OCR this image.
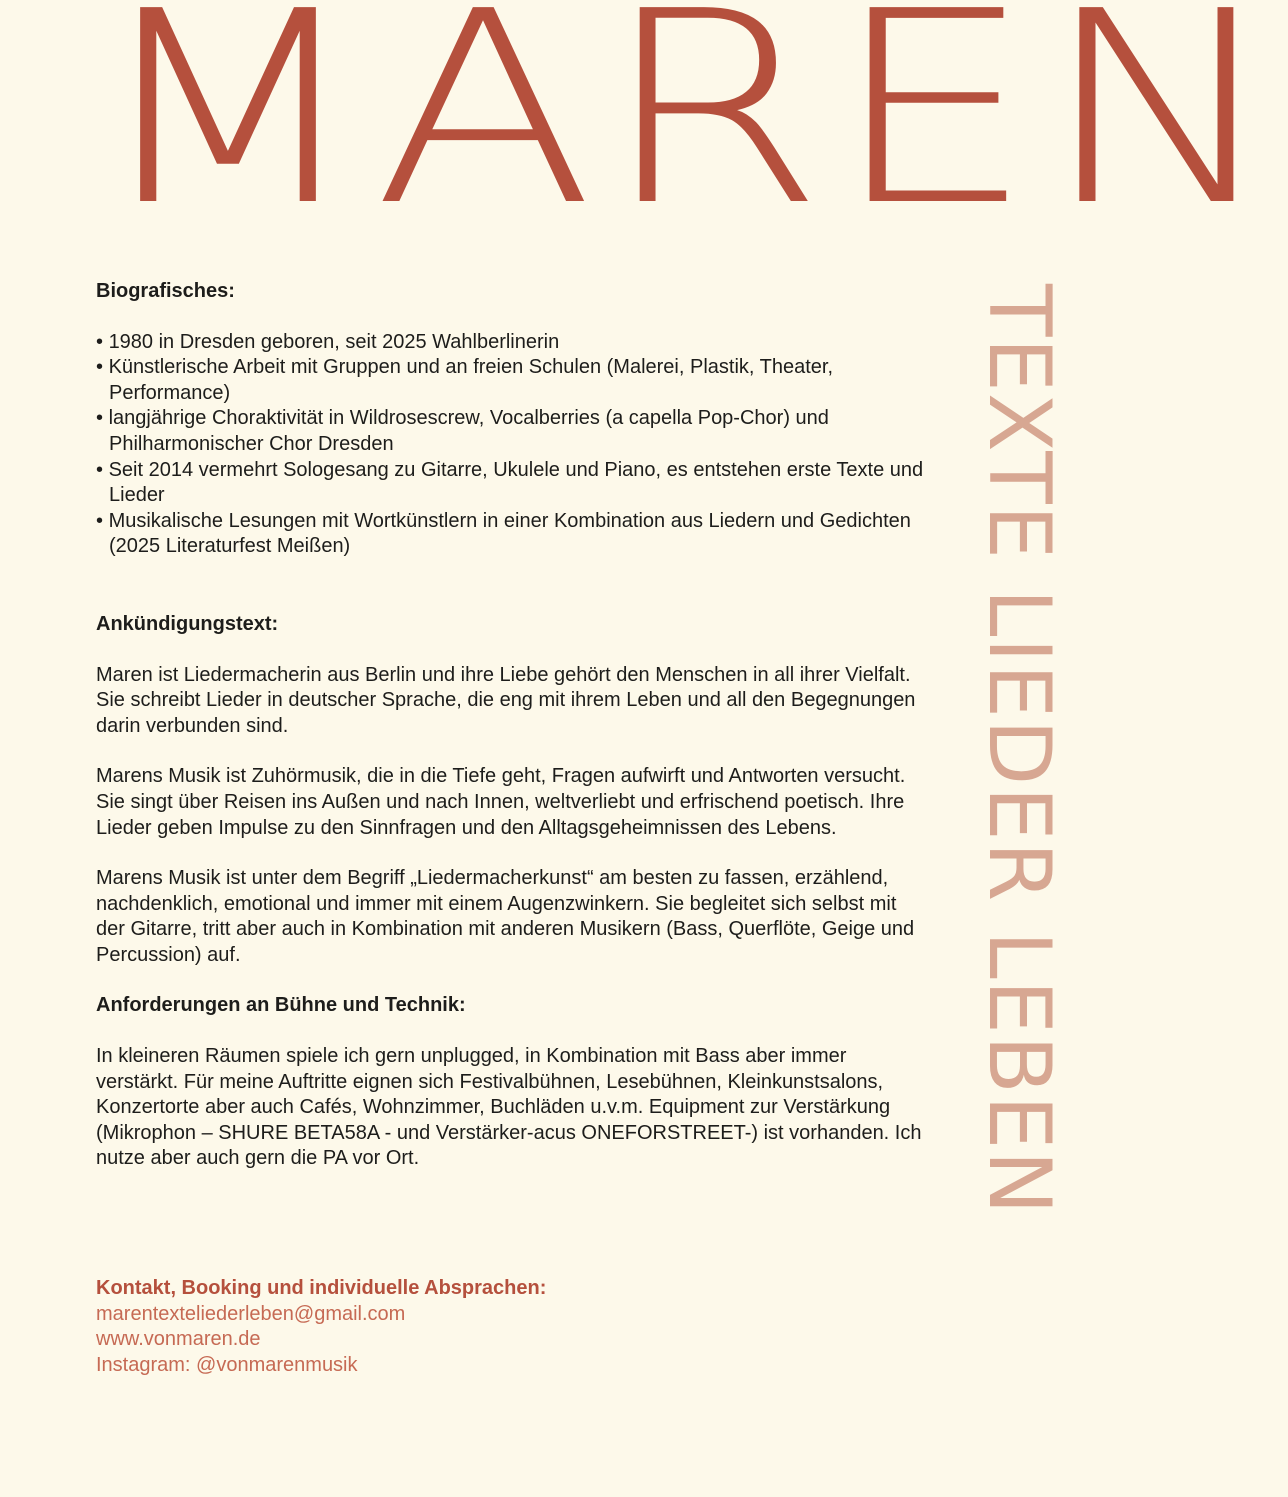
MAREN
TEXTE LIEDER LEBEN
Biografisches:
• 1980 in Dresden geboren, seit 2025 Wahlberlinerin
• Künstlerische Arbeit mit Gruppen und an freien Schulen (Malerei, Plastik, Theater, Performance)
• langjährige Choraktivität in Wildrosescrew, Vocalberries (a capella Pop-Chor) und Philharmonischer Chor Dresden
• Seit 2014 vermehrt Sologesang zu Gitarre, Ukulele und Piano, es entstehen erste Texte und Lieder
• Musikalische Lesungen mit Wortkünstlern in einer Kombination aus Liedern und Gedichten (2025 Literaturfest Meißen)
Ankündigungstext:

Maren ist Liedermacherin aus Berlin und ihre Liebe gehört den Menschen in all ihrer Vielfalt. Sie schreibt Lieder in deutscher Sprache, die eng mit ihrem Leben und all den Begegnungen darin verbunden sind.

Marens Musik ist Zuhörmusik, die in die Tiefe geht, Fragen aufwirft und Antworten versucht. Sie singt über Reisen ins Außen und nach Innen, weltverliebt und erfrischend poetisch. Ihre Lieder geben Impulse zu den Sinnfragen und den Alltagsgeheimnissen des Lebens.

Marens Musik ist unter dem Begriff „Liedermacherkunst“ am besten zu fassen, erzählend, nachdenklich, emotional und immer mit einem Augenzwinkern. Sie begleitet sich selbst mit der Gitarre, tritt aber auch in Kombination mit anderen Musikern (Bass, Querflöte, Geige und Percussion) auf.

Anforderungen an Bühne und Technik:

In kleineren Räumen spiele ich gern unplugged, in Kombination mit Bass aber immer verstärkt. Für meine Auftritte eignen sich Festivalbühnen, Lesebühnen, Kleinkunstsalons, Konzertorte aber auch Cafés, Wohnzimmer, Buchläden u.v.m. Equipment zur Verstärkung (Mikrophon – SHURE BETA58A - und Verstärker-acus ONEFORSTREET-) ist vorhanden. Ich nutze aber auch gern die PA vor Ort.

Kontakt, Booking und individuelle Absprachen:
marentexteliederleben@gmail.com
www.vonmaren.de
Instagram: @vonmarenmusik
